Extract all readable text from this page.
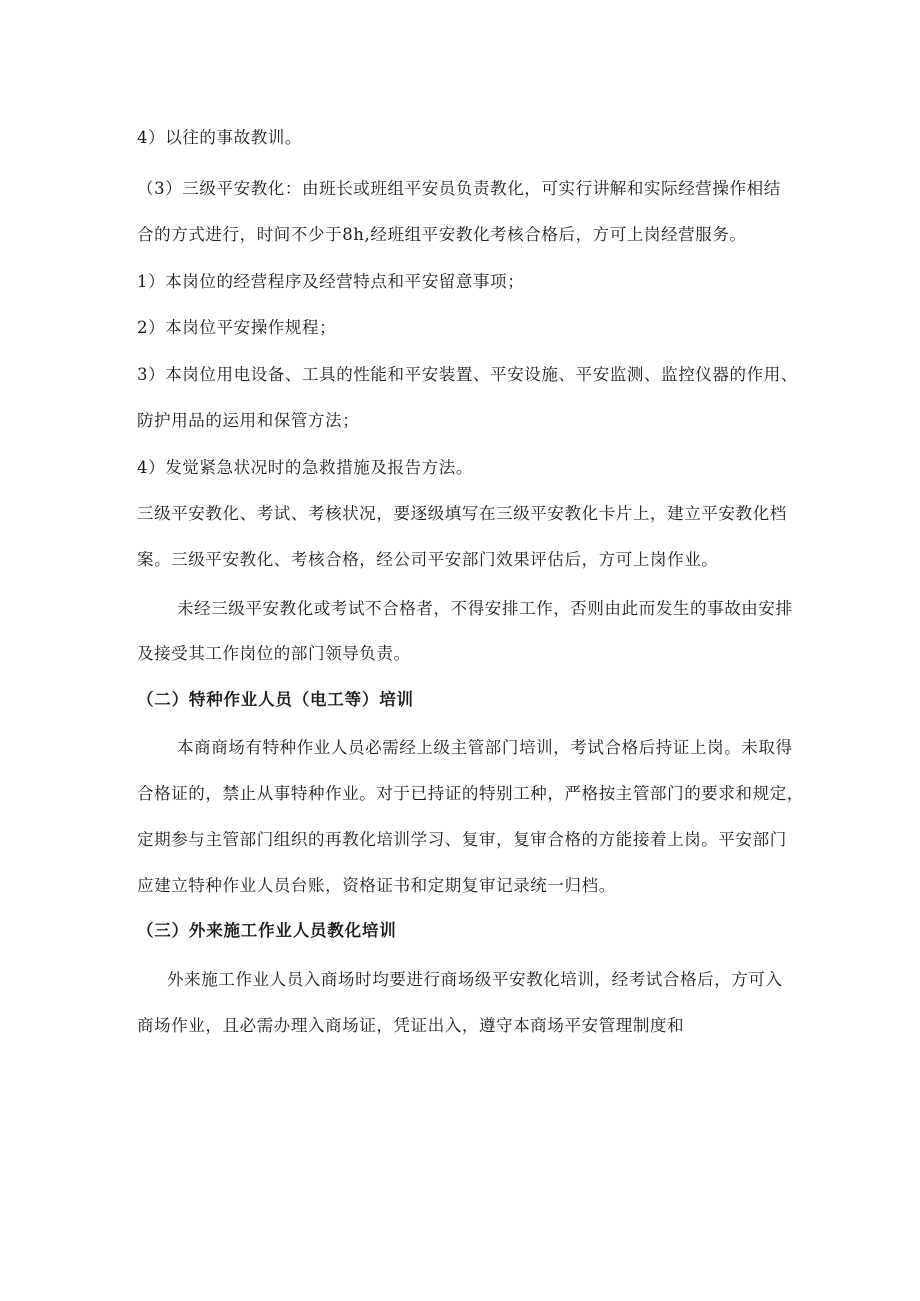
4）以往的事故教训。
（3）三级平安教化：由班长或班组平安员负责教化，可实行讲解和实际经营操作相结
合的方式进行，时间不少于8h,经班组平安教化考核合格后，方可上岗经营服务。
1）本岗位的经营程序及经营特点和平安留意事项；
2）本岗位平安操作规程；
3）本岗位用电设备、工具的性能和平安装置、平安设施、平安监测、监控仪器的作用、
防护用品的运用和保管方法；
4）发觉紧急状况时的急救措施及报告方法。
三级平安教化、考试、考核状况，要逐级填写在三级平安教化卡片上，建立平安教化档
案。三级平安教化、考核合格，经公司平安部门效果评估后，方可上岗作业。
未经三级平安教化或考试不合格者，不得安排工作，否则由此而发生的事故由安排
及接受其工作岗位的部门领导负责。
（二）特种作业人员（电工等）培训
本商商场有特种作业人员必需经上级主管部门培训，考试合格后持证上岗。未取得
合格证的，禁止从事特种作业。对于已持证的特别工种，严格按主管部门的要求和规定，
定期参与主管部门组织的再教化培训学习、复审，复审合格的方能接着上岗。平安部门
应建立特种作业人员台账，资格证书和定期复审记录统一归档。
（三）外来施工作业人员教化培训
外来施工作业人员入商场时均要进行商场级平安教化培训，经考试合格后，方可入
商场作业，且必需办理入商场证，凭证出入，遵守本商场平安管理制度和
